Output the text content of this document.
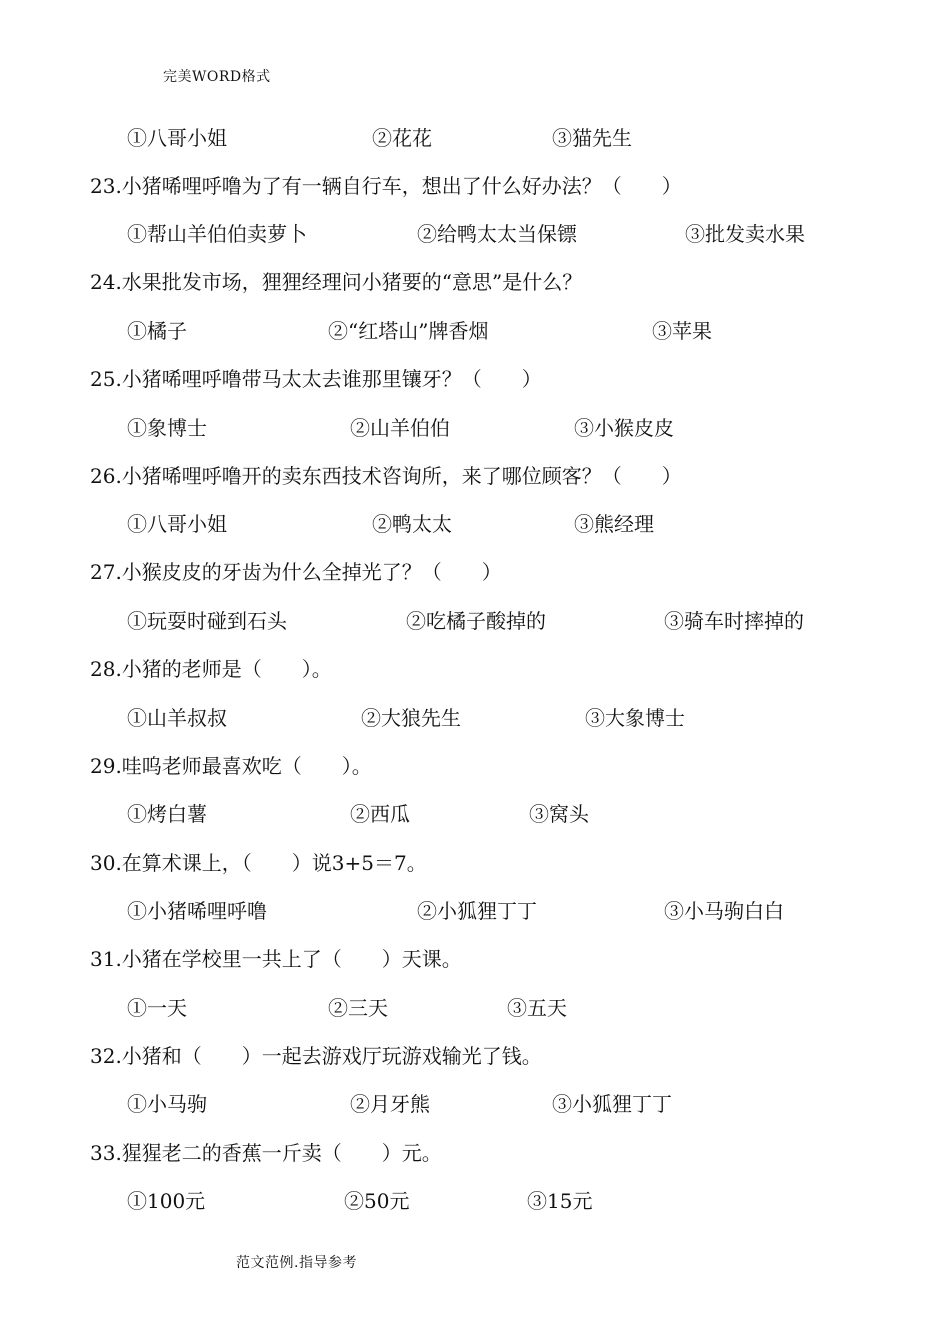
完美WORD格式
①八哥小姐	②花花	③猫先生
23.小猪唏哩呼噜为了有一辆自行车，想出了什么好办法？（　　）
①帮山羊伯伯卖萝卜	②给鸭太太当保镖	③批发卖水果
24.水果批发市场，狸狸经理问小猪要的“意思”是什么？
①橘子	②“红塔山”牌香烟	③苹果
25.小猪唏哩呼噜带马太太去谁那里镶牙？（　　）
①象博士	②山羊伯伯	③小猴皮皮
26.小猪唏哩呼噜开的卖东西技术咨询所，来了哪位顾客？（　　）
①八哥小姐	②鸭太太	③熊经理
27.小猴皮皮的牙齿为什么全掉光了？（　　）
①玩耍时碰到石头	②吃橘子酸掉的	③骑车时摔掉的
28.小猪的老师是（　　）。
①山羊叔叔	②大狼先生	③大象博士
29.哇呜老师最喜欢吃（　　）。
①烤白薯	②西瓜	③窝头
30.在算术课上，（　　）说3+5＝7。
①小猪唏哩呼噜	②小狐狸丁丁	③小马驹白白
31.小猪在学校里一共上了（　　）天课。
①一天	②三天	③五天
32.小猪和（　　）一起去游戏厅玩游戏输光了钱。
①小马驹	②月牙熊	③小狐狸丁丁
33.猩猩老二的香蕉一斤卖（　　）元。
①100元	②50元	③15元
范文范例.指导参考
